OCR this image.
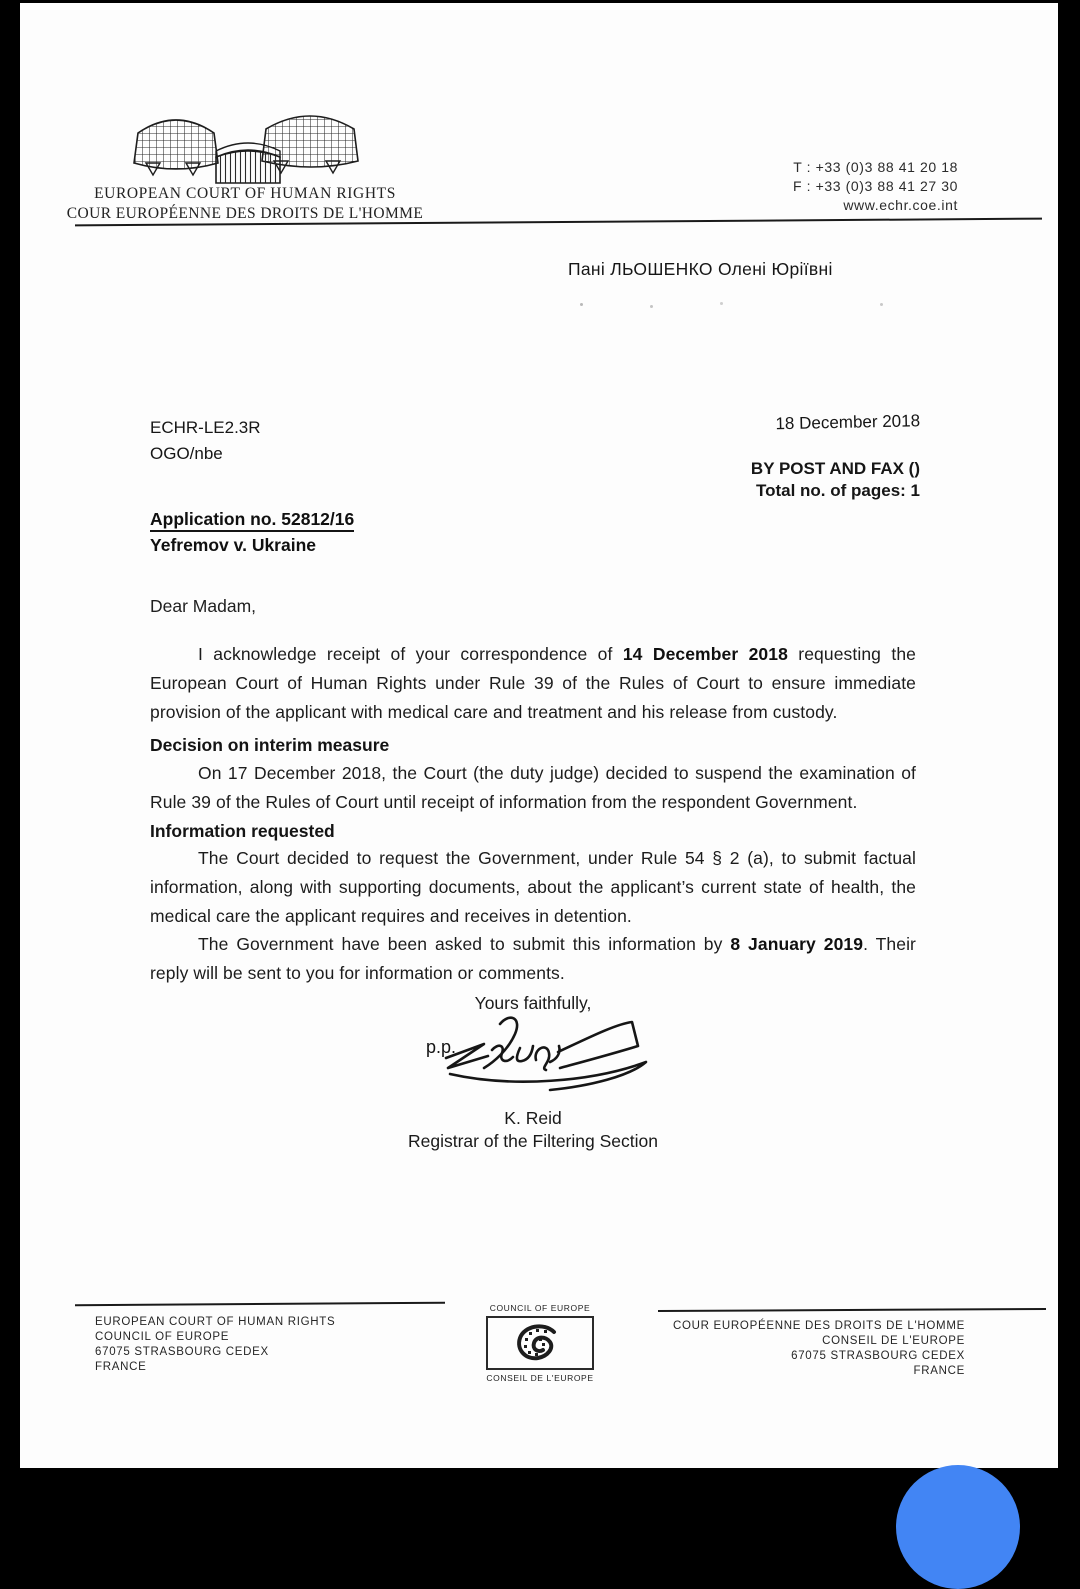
EUROPEAN COURT OF HUMAN RIGHTS
COUR EUROPÉENNE DES DROITS DE L'HOMME
T : +33 (0)3 88 41 20 18
F : +33 (0)3 88 41 27 30
www.echr.coe.int
Пані ЛЬОШЕНКО Олені Юріївні
ECHR-LE2.3R
OGO/nbe
18 December 2018
BY POST AND FAX ()
Total no. of pages: 1
Application no. 52812/16
Yefremov v. Ukraine
Dear Madam,

I acknowledge receipt of your correspondence of 14 December 2018 requesting the European Court of Human Rights under Rule 39 of the Rules of Court to ensure immediate provision of the applicant with medical care and treatment and his release from custody.

Decision on interim measure

On 17 December 2018, the Court (the duty judge) decided to suspend the examination of Rule 39 of the Rules of Court until receipt of information from the respondent Government.

Information requested

The Court decided to request the Government, under Rule 54 § 2 (a), to submit factual information, along with supporting documents, about the applicant’s current state of health, the medical care the applicant requires and receives in detention.

The Government have been asked to submit this information by 8 January 2019. Their reply will be sent to you for information or comments.

Yours faithfully,
p.p.
K. Reid
Registrar of the Filtering Section
EUROPEAN COURT OF HUMAN RIGHTS
COUNCIL OF EUROPE
67075 STRASBOURG CEDEX
FRANCE
COUNCIL OF EUROPE
CONSEIL DE L'EUROPE
COUR EUROPÉENNE DES DROITS DE L'HOMME
CONSEIL DE L'EUROPE
67075 STRASBOURG CEDEX
FRANCE
